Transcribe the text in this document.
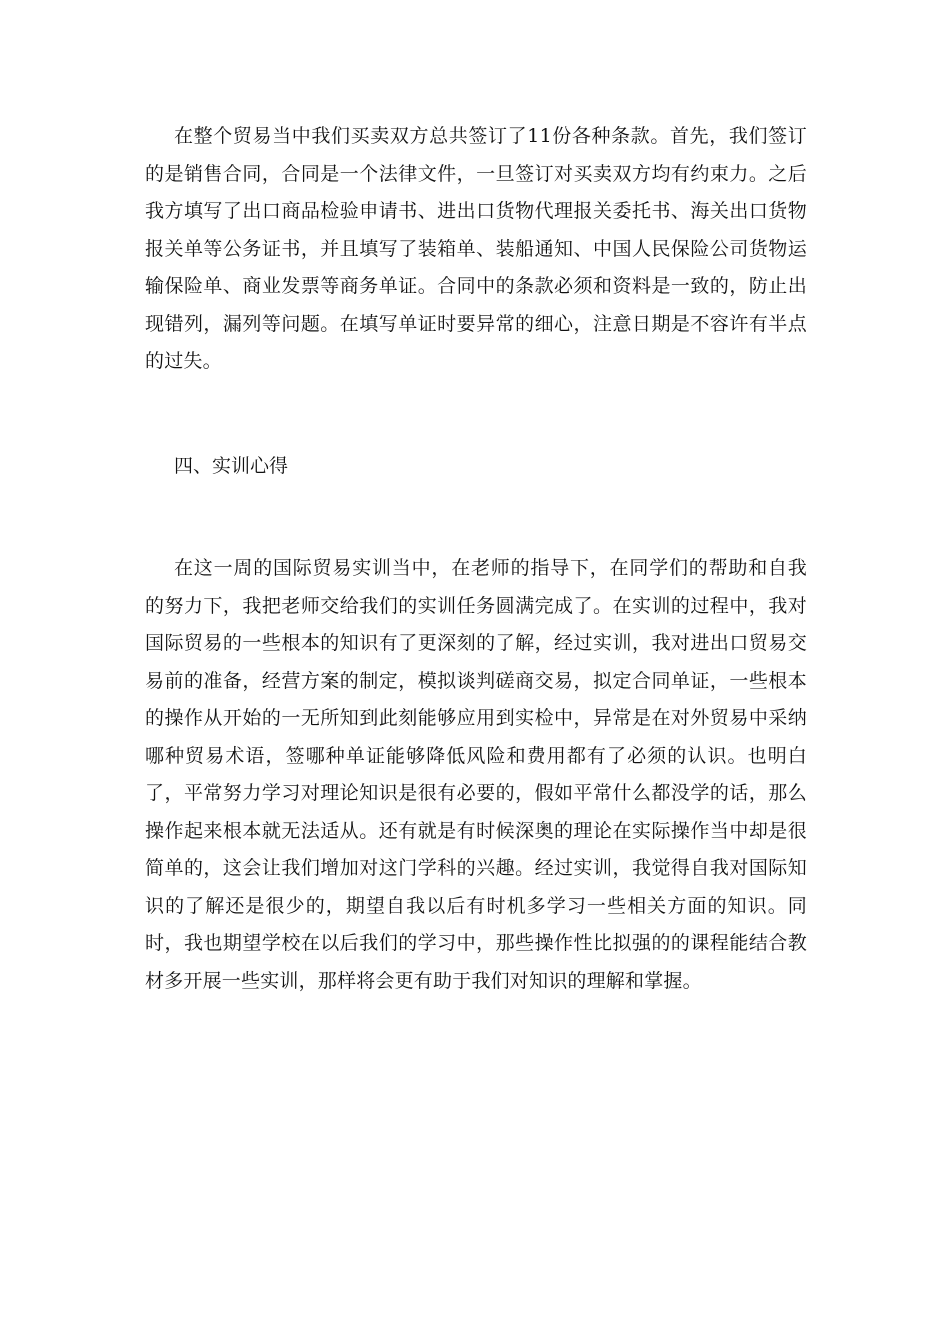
在整个贸易当中我们买卖双方总共签订了11份各种条款。首先，我们签订的是销售合同，合同是一个法律文件，一旦签订对买卖双方均有约束力。之后我方填写了出口商品检验申请书、进出口货物代理报关委托书、海关出口货物报关单等公务证书，并且填写了装箱单、装船通知、中国人民保险公司货物运输保险单、商业发票等商务单证。合同中的条款必须和资料是一致的，防止出现错列，漏列等问题。在填写单证时要异常的细心，注意日期是不容许有半点的过失。

四、实训心得

在这一周的国际贸易实训当中，在老师的指导下，在同学们的帮助和自我的努力下，我把老师交给我们的实训任务圆满完成了。在实训的过程中，我对国际贸易的一些根本的知识有了更深刻的了解，经过实训，我对进出口贸易交易前的准备，经营方案的制定，模拟谈判磋商交易，拟定合同单证，一些根本的操作从开始的一无所知到此刻能够应用到实检中，异常是在对外贸易中采纳哪种贸易术语，签哪种单证能够降低风险和费用都有了必须的认识。也明白了，平常努力学习对理论知识是很有必要的，假如平常什么都没学的话，那么操作起来根本就无法适从。还有就是有时候深奥的理论在实际操作当中却是很简单的，这会让我们增加对这门学科的兴趣。经过实训，我觉得自我对国际知识的了解还是很少的，期望自我以后有时机多学习一些相关方面的知识。同时，我也期望学校在以后我们的学习中，那些操作性比拟强的的课程能结合教材多开展一些实训，那样将会更有助于我们对知识的理解和掌握。
